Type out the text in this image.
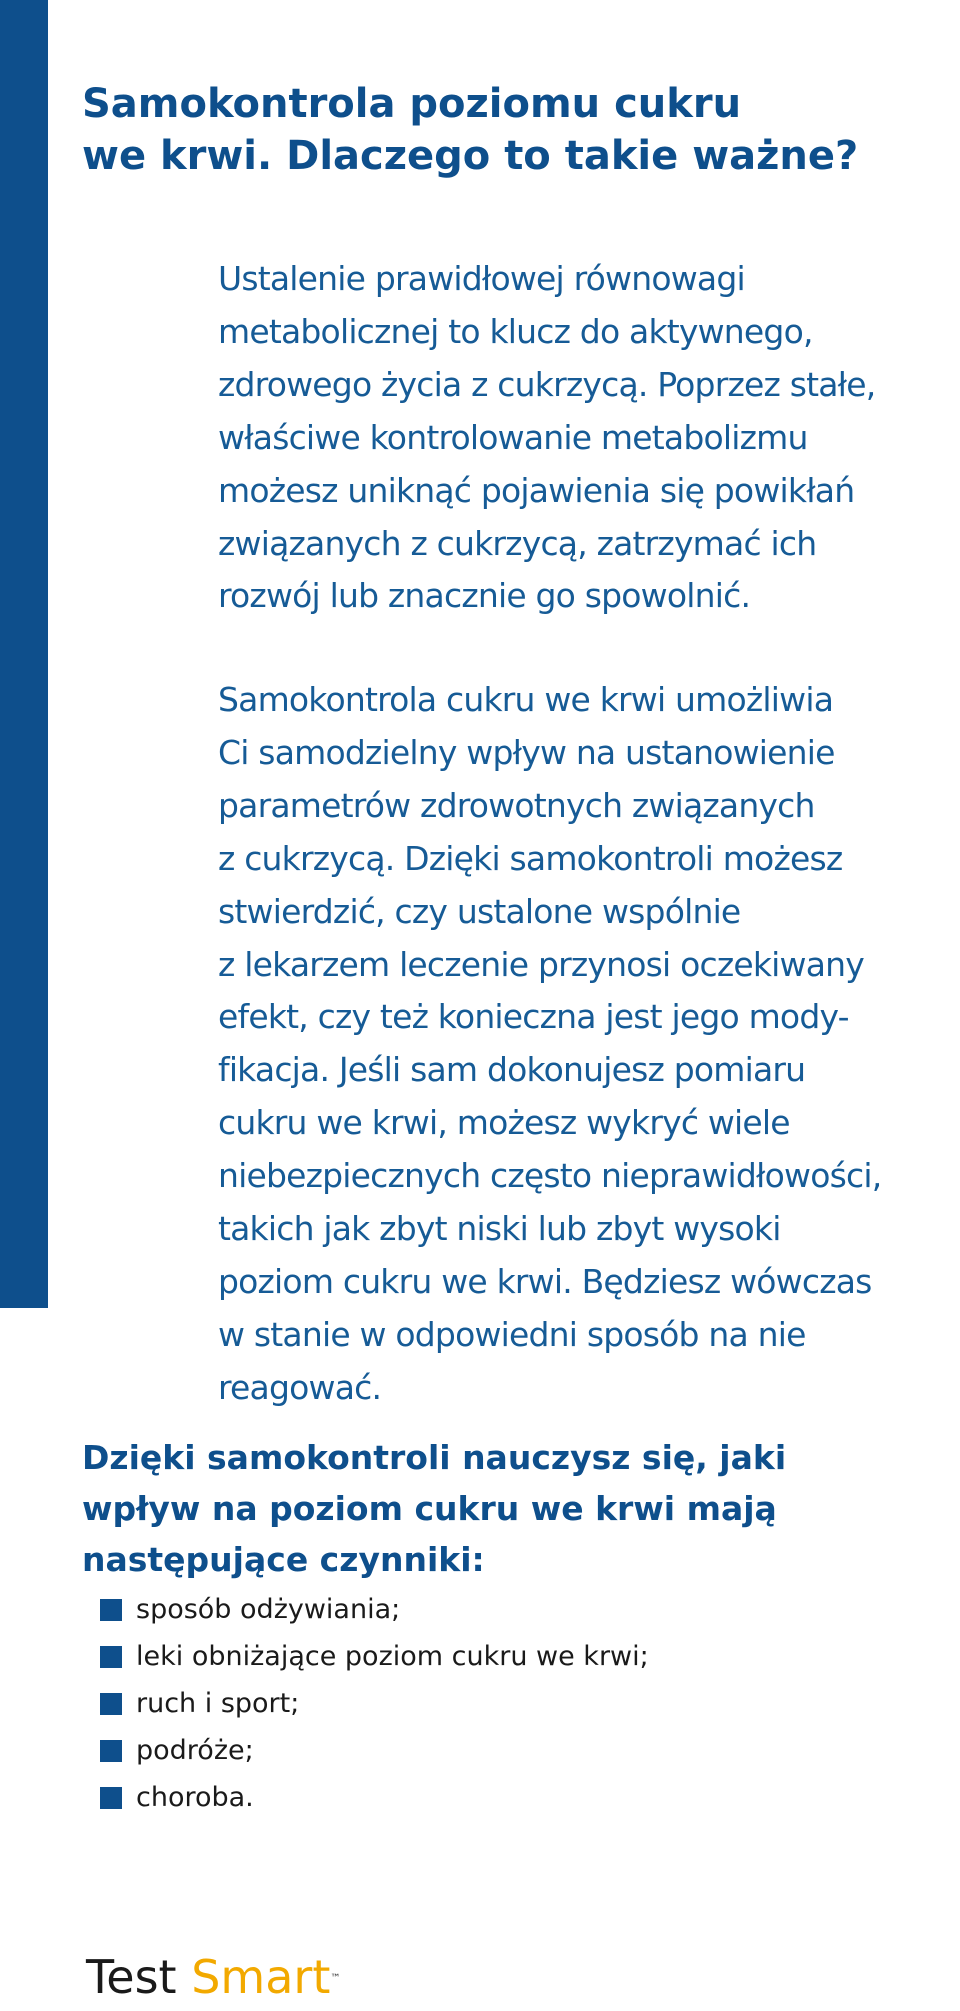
Samokontrola poziomu cukru
we krwi. Dlaczego to takie ważne?

Ustalenie prawidłowej równowagi
metabolicznej to klucz do aktywnego,
zdrowego życia z cukrzycą. Poprzez stałe,
właściwe kontrolowanie metabolizmu
możesz uniknąć pojawienia się powikłań
związanych z cukrzycą, zatrzymać ich
rozwój lub znacznie go spowolnić.

Samokontrola cukru we krwi umożliwia
Ci samodzielny wpływ na ustanowienie
parametrów zdrowotnych związanych
z cukrzycą. Dzięki samokontroli możesz
stwierdzić, czy ustalone wspólnie
z lekarzem leczenie przynosi oczekiwany
efekt, czy też konieczna jest jego mody-
fikacja. Jeśli sam dokonujesz pomiaru
cukru we krwi, możesz wykryć wiele
niebezpiecznych często nieprawidłowości,
takich jak zbyt niski lub zbyt wysoki
poziom cukru we krwi. Będziesz wówczas
w stanie w odpowiedni sposób na nie
reagować.

Dzięki samokontroli nauczysz się, jaki
wpływ na poziom cukru we krwi mają
następujące czynniki:
sposób odżywiania;
leki obniżające poziom cukru we krwi;
ruch i sport;
podróże;
choroba.
Test Smart™
